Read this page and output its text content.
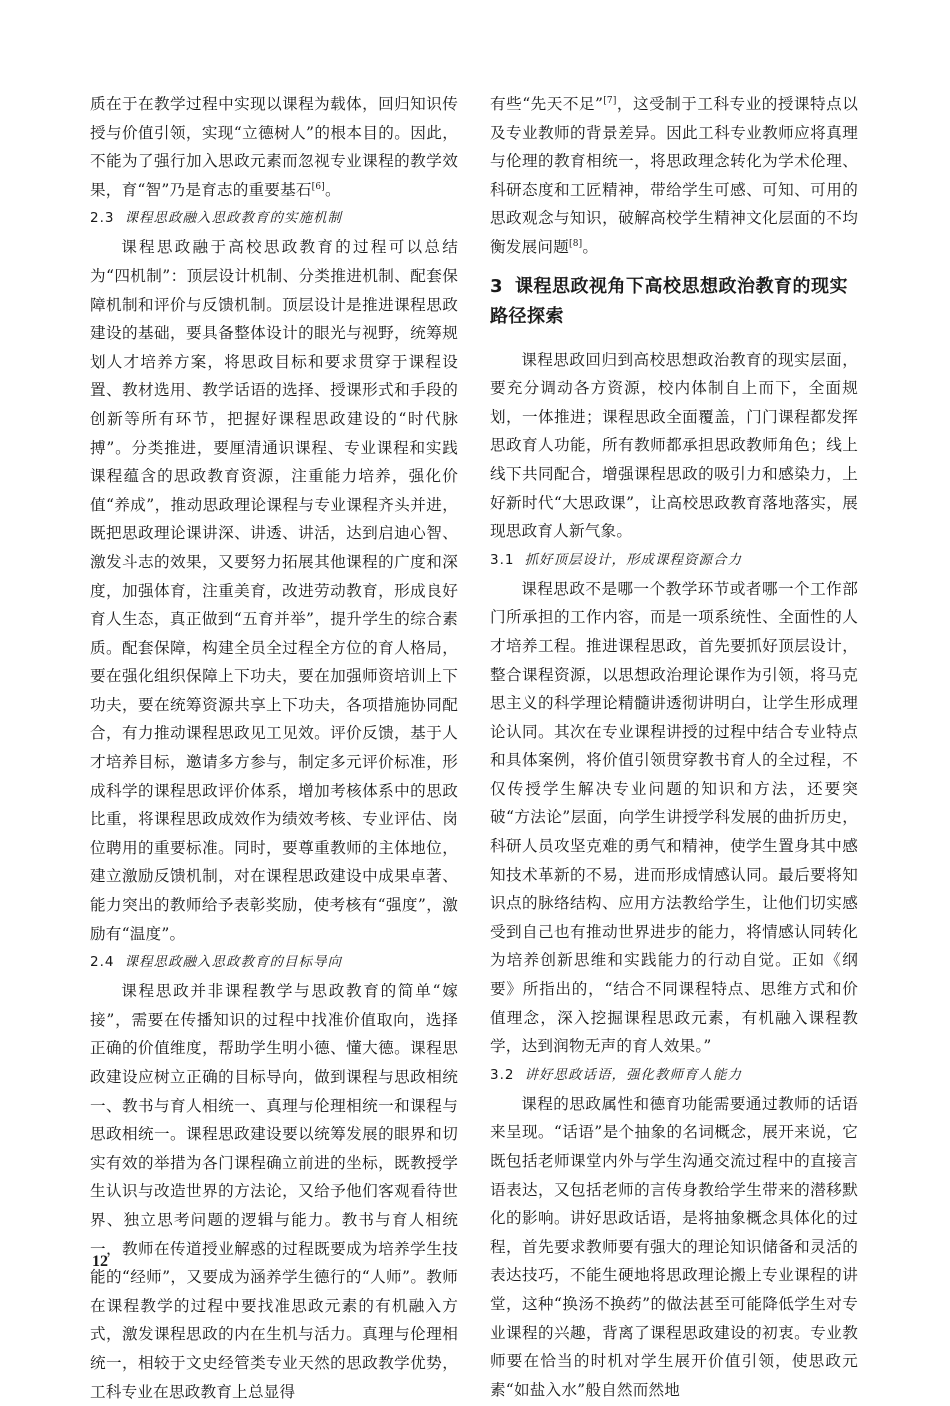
质在于在教学过程中实现以课程为载体，回归知识传授与价值引领，实现“立德树人”的根本目的。因此，不能为了强行加入思政元素而忽视专业课程的教学效果，育“智”乃是育志的重要基石[6]。

2.3 课程思政融入思政教育的实施机制

课程思政融于高校思政教育的过程可以总结为“四机制”：顶层设计机制、分类推进机制、配套保障机制和评价与反馈机制。顶层设计是推进课程思政建设的基础，要具备整体设计的眼光与视野，统筹规划人才培养方案，将思政目标和要求贯穿于课程设置、教材选用、教学话语的选择、授课形式和手段的创新等所有环节，把握好课程思政建设的“时代脉搏”。分类推进，要厘清通识课程、专业课程和实践课程蕴含的思政教育资源，注重能力培养，强化价值“养成”，推动思政理论课程与专业课程齐头并进，既把思政理论课讲深、讲透、讲活，达到启迪心智、激发斗志的效果，又要努力拓展其他课程的广度和深度，加强体育，注重美育，改进劳动教育，形成良好育人生态，真正做到“五育并举”，提升学生的综合素质。配套保障，构建全员全过程全方位的育人格局，要在强化组织保障上下功夫，要在加强师资培训上下功夫，要在统筹资源共享上下功夫，各项措施协同配合，有力推动课程思政见工见效。评价反馈，基于人才培养目标，邀请多方参与，制定多元评价标准，形成科学的课程思政评价体系，增加考核体系中的思政比重，将课程思政成效作为绩效考核、专业评估、岗位聘用的重要标准。同时，要尊重教师的主体地位，建立激励反馈机制，对在课程思政建设中成果卓著、能力突出的教师给予表彰奖励，使考核有“强度”，激励有“温度”。

2.4 课程思政融入思政教育的目标导向

课程思政并非课程教学与思政教育的简单“嫁接”，需要在传播知识的过程中找准价值取向，选择正确的价值维度，帮助学生明小德、懂大德。课程思政建设应树立正确的目标导向，做到课程与思政相统一、教书与育人相统一、真理与伦理相统一和课程与思政相统一。课程思政建设要以统筹发展的眼界和切实有效的举措为各门课程确立前进的坐标，既教授学生认识与改造世界的方法论，又给予他们客观看待世界、独立思考问题的逻辑与能力。教书与育人相统一，教师在传道授业解惑的过程既要成为培养学生技能的“经师”，又要成为涵养学生德行的“人师”。教师在课程教学的过程中要找准思政元素的有机融入方式，激发课程思政的内在生机与活力。真理与伦理相统一，相较于文史经管类专业天然的思政教学优势，工科专业在思政教育上总显得

有些“先天不足”[7]，这受制于工科专业的授课特点以及专业教师的背景差异。因此工科专业教师应将真理与伦理的教育相统一，将思政理念转化为学术伦理、科研态度和工匠精神，带给学生可感、可知、可用的思政观念与知识，破解高校学生精神文化层面的不均衡发展问题[8]。

3 课程思政视角下高校思想政治教育的现实路径探索

课程思政回归到高校思想政治教育的现实层面，要充分调动各方资源，校内体制自上而下，全面规划，一体推进；课程思政全面覆盖，门门课程都发挥思政育人功能，所有教师都承担思政教师角色；线上线下共同配合，增强课程思政的吸引力和感染力，上好新时代“大思政课”，让高校思政教育落地落实，展现思政育人新气象。

3.1 抓好顶层设计，形成课程资源合力

课程思政不是哪一个教学环节或者哪一个工作部门所承担的工作内容，而是一项系统性、全面性的人才培养工程。推进课程思政，首先要抓好顶层设计，整合课程资源，以思想政治理论课作为引领，将马克思主义的科学理论精髓讲透彻讲明白，让学生形成理论认同。其次在专业课程讲授的过程中结合专业特点和具体案例，将价值引领贯穿教书育人的全过程，不仅传授学生解决专业问题的知识和方法，还要突破“方法论”层面，向学生讲授学科发展的曲折历史，科研人员攻坚克难的勇气和精神，使学生置身其中感知技术革新的不易，进而形成情感认同。最后要将知识点的脉络结构、应用方法教给学生，让他们切实感受到自己也有推动世界进步的能力，将情感认同转化为培养创新思维和实践能力的行动自觉。正如《纲要》所指出的，“结合不同课程特点、思维方式和价值理念，深入挖掘课程思政元素，有机融入课程教学，达到润物无声的育人效果。”

3.2 讲好思政话语，强化教师育人能力

课程的思政属性和德育功能需要通过教师的话语来呈现。“话语”是个抽象的名词概念，展开来说，它既包括老师课堂内外与学生沟通交流过程中的直接言语表达，又包括老师的言传身教给学生带来的潜移默化的影响。讲好思政话语，是将抽象概念具体化的过程，首先要求教师要有强大的理论知识储备和灵活的表达技巧，不能生硬地将思政理论搬上专业课程的讲堂，这种“换汤不换药”的做法甚至可能降低学生对专业课程的兴趣，背离了课程思政建设的初衷。专业教师要在恰当的时机对学生展开价值引领，使思政元素“如盐入水”般自然而然地

12
